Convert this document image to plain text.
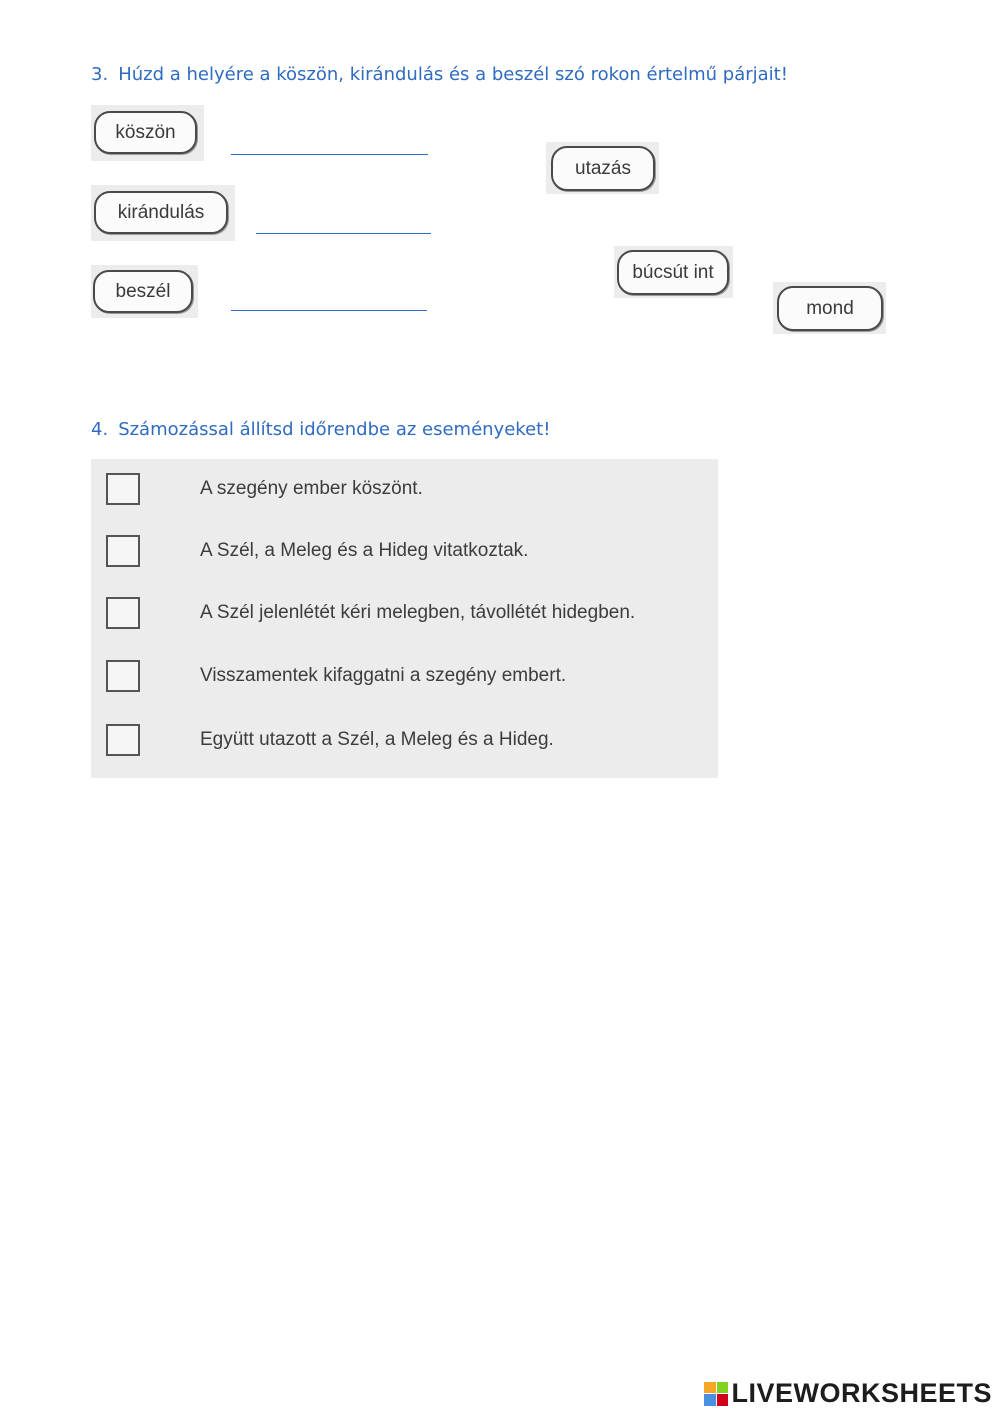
3. Húzd a helyére a köszön, kirándulás és a beszél szó rokon értelmű párjait!
köszön
kirándulás
beszél
utazás
búcsút int
mond
4. Számozással állítsd időrendbe az eseményeket!
A szegény ember köszönt.
A Szél, a Meleg és a Hideg vitatkoztak.
A Szél jelenlétét kéri melegben, távollétét hidegben.
Visszamentek kifaggatni a szegény embert.
Együtt utazott a Szél, a Meleg és a Hideg.
LIVEWORKSHEETS
